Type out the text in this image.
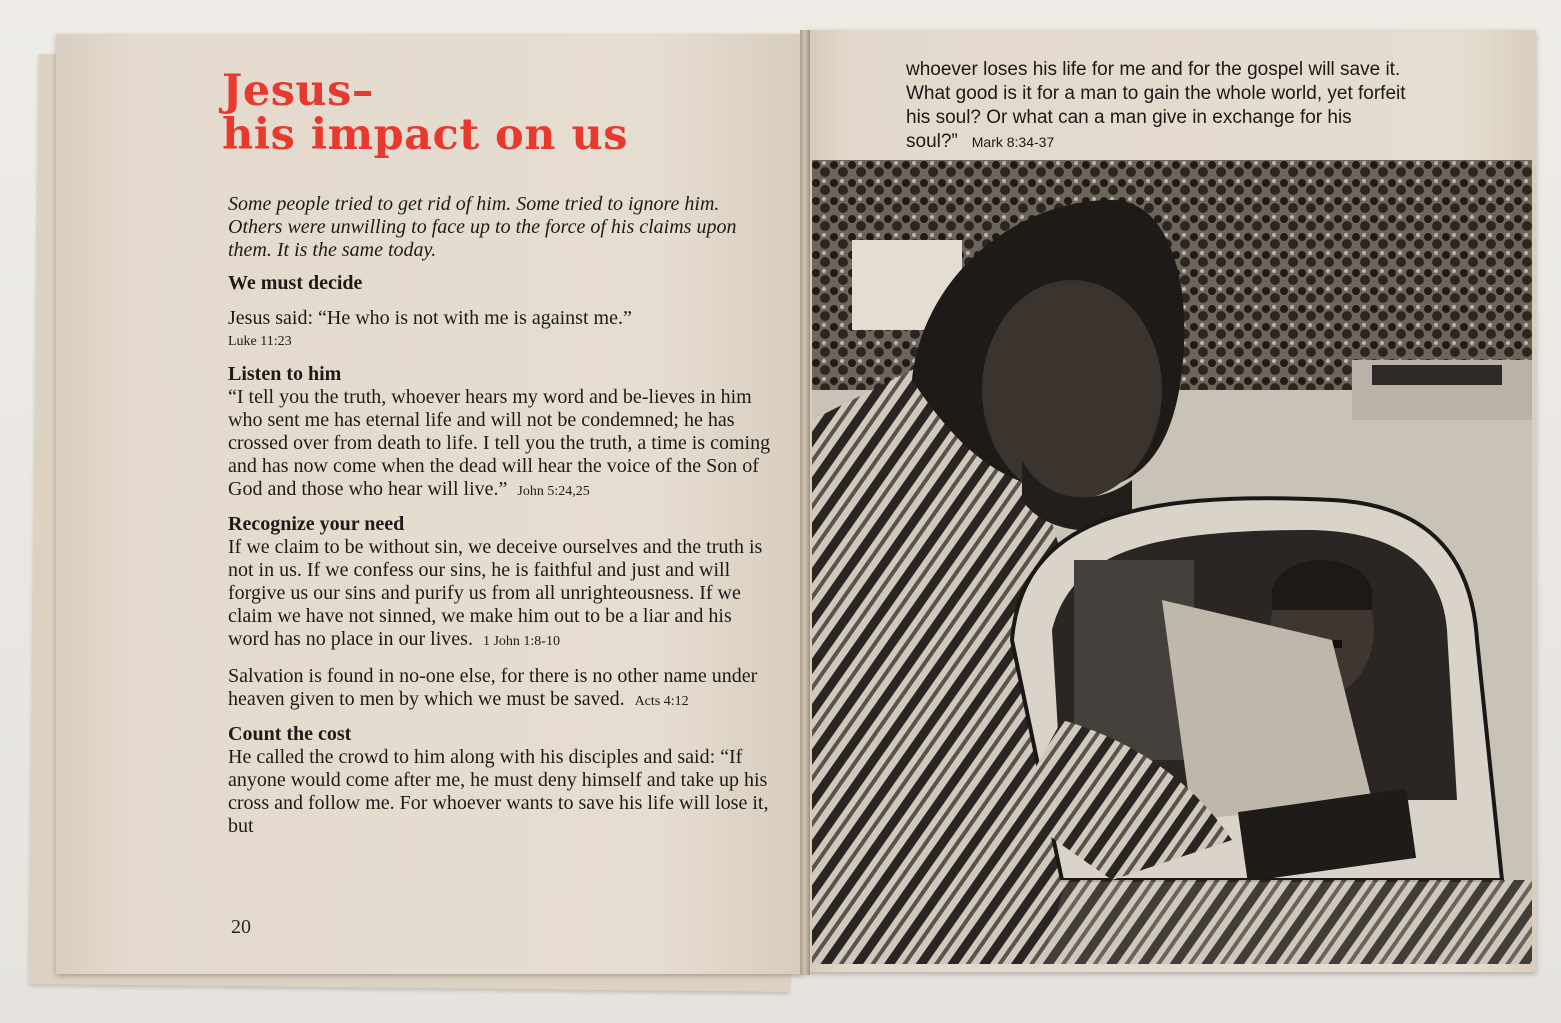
Jesus–
his impact on us

Some people tried to get rid of him. Some tried to ignore him. Others were unwilling to face up to the force of his claims upon them. It is the same today.

We must decide

Jesus said: “He who is not with me is against me.”
Luke 11:23

Listen to him

“I tell you the truth, whoever hears my word and be-lieves in him who sent me has eternal life and will not be condemned; he has crossed over from death to life. I tell you the truth, a time is coming and has now come when the dead will hear the voice of the Son of God and those who hear will live.” John 5:24,25

Recognize your need

If we claim to be without sin, we deceive ourselves and the truth is not in us. If we confess our sins, he is faithful and just and will forgive us our sins and purify us from all unrighteousness. If we claim we have not sinned, we make him out to be a liar and his word has no place in our lives. 1 John 1:8-10

Salvation is found in no-one else, for there is no other name under heaven given to men by which we must be saved. Acts 4:12

Count the cost

He called the crowd to him along with his disciples and said: “If anyone would come after me, he must deny himself and take up his cross and follow me. For whoever wants to save his life will lose it, but

20

whoever loses his life for me and for the gospel will save it. What good is it for a man to gain the whole world, yet forfeit his soul? Or what can a man give in exchange for his soul?” Mark 8:34-37
